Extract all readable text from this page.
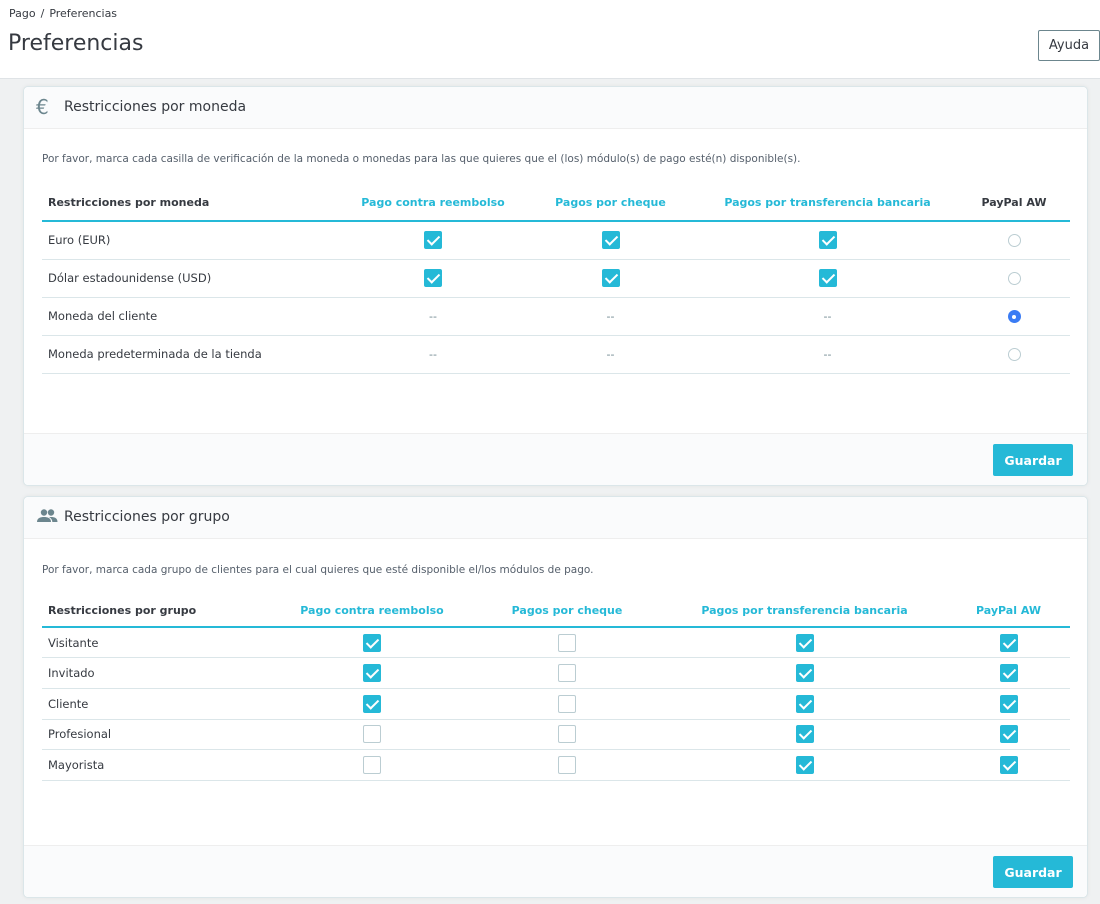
Pago / Preferencias
Preferencias	Ayuda
€	Restricciones por moneda
Por favor, marca cada casilla de verificación de la moneda o monedas para las que quieres que el (los) módulo(s) de pago esté(n) disponible(s).
Restricciones por moneda	Pago contra reembolso	Pagos por cheque	Pagos por transferencia bancaria	PayPal AW
Euro (EUR)				
Dólar estadounidense (USD)				
Moneda del cliente	--	--	--	
Moneda predeterminada de la tienda	--	--	--	
Guardar
Restricciones por grupo
Por favor, marca cada grupo de clientes para el cual quieres que esté disponible el/los módulos de pago.
Restricciones por grupo	Pago contra reembolso	Pagos por cheque	Pagos por transferencia bancaria	PayPal AW
Visitante				
Invitado				
Cliente				
Profesional				
Mayorista				
Guardar
